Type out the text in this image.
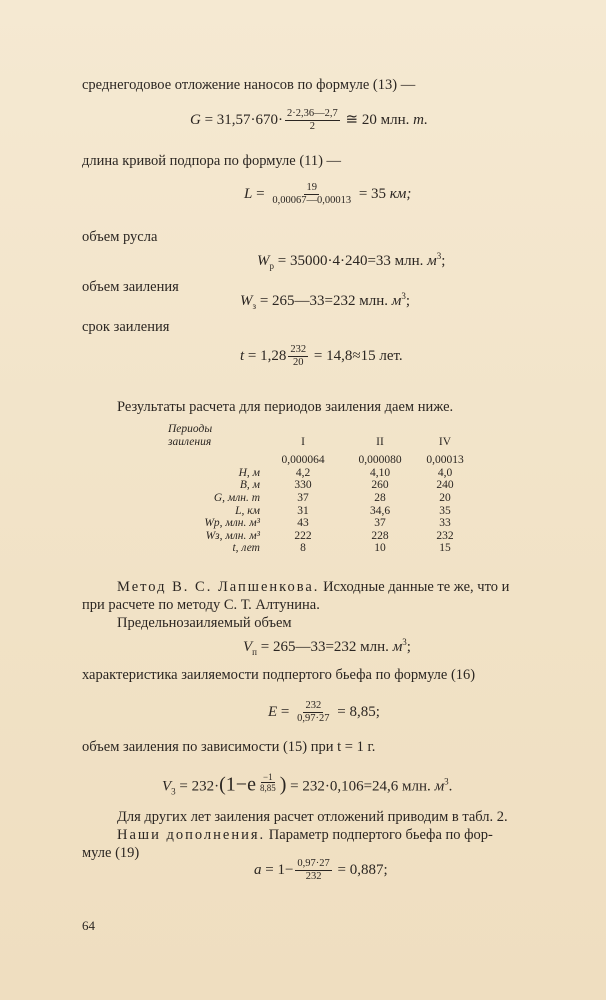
среднегодовое отложение наносов по формуле (13) —
$G = 31,57\cdot 670\cdot \frac{2\cdot 2,36—2,7}{2}$ ≅ 20 млн. т.
длина кривой подпора по формуле (11) —
$L = \frac{19}{0,00067—0,00013} = 35$ км;
объем русла
$W_р = 35000\cdot 4\cdot 240=33$ млн. $м^3$;
объем заиления
$W_з$ = 265—33=232 млн. $м^3$;
срок заиления
$t = 1,28 \frac{232}{20} = 14,8\approx 15$ лет.
Результаты расчета для периодов заиления даем ниже.
Периоды			
заиления	I	II	IV

	0,000064	0,000080	0,00013
H, м	4,2	4,10	4,0
B, м	330	260	240
G, млн. т	37	28	20
L, км	31	34,6	35
Wр, млн. м³	43	37	33
Wз, млн. м³	222	228	232
t, лет	8	10	15
Метод В. С. Лапшенкова. Исходные данные те же, что и
при расчете по методу С. Т. Алтунина.
Предельнозаиляемый объем
$V_п$ = 265—33=232 млн. $м^3$;
характеристика заиляемости подпертого бьефа по формуле (16)
$E = \frac{232}{0,97\cdot 27} = 8,85$;
объем заиления по зависимости (15) при t = 1 г.
$V_3 = 232\cdot(1-e$ $^{\frac{-1}{8,85}}$ ) = 232·0,106=24,6 млн. $м^3$.
Для других лет заиления расчет отложений приводим в табл. 2.
Наши дополнения. Параметр подпертого бьефа по фор-
муле (19)
$a = 1- \frac{0,97\cdot 27}{232} = 0,887$;
64
